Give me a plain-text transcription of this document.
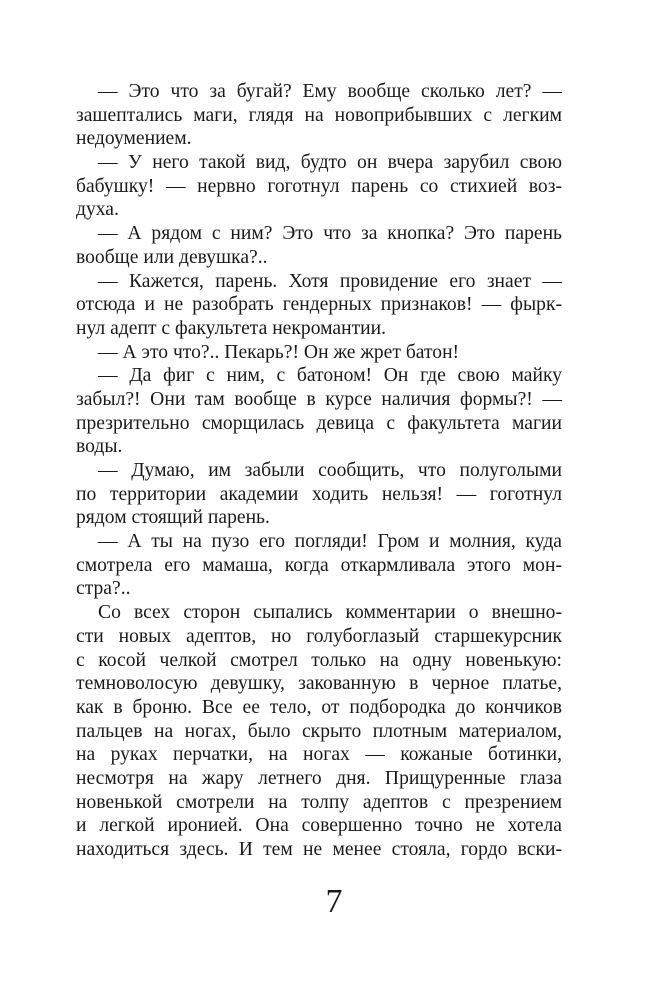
— Это что за бугай? Ему вообще сколько лет? —
зашептались маги, глядя на новоприбывших с легким
недоумением.
— У него такой вид, будто он вчера зарубил свою
бабушку! — нервно гоготнул парень со стихией воз-
духа.
— А рядом с ним? Это что за кнопка? Это парень
вообще или девушка?..
— Кажется, парень. Хотя провидение его знает —
отсюда и не разобрать гендерных признаков! — фырк-
нул адепт с факультета некромантии.
— А это что?.. Пекарь?! Он же жрет батон!
— Да фиг с ним, с батоном! Он где свою майку
забыл?! Они там вообще в курсе наличия формы?! —
презрительно сморщилась девица с факультета магии
воды.
— Думаю, им забыли сообщить, что полуголыми
по территории академии ходить нельзя! — гоготнул
рядом стоящий парень.
— А ты на пузо его погляди! Гром и молния, куда
смотрела его мамаша, когда откармливала этого мон-
стра?..
Со всех сторон сыпались комментарии о внешно-
сти новых адептов, но голубоглазый старшекурсник
с косой челкой смотрел только на одну новенькую:
темноволосую девушку, закованную в черное платье,
как в броню. Все ее тело, от подбородка до кончиков
пальцев на ногах, было скрыто плотным материалом,
на руках перчатки, на ногах — кожаные ботинки,
несмотря на жару летнего дня. Прищуренные глаза
новенькой смотрели на толпу адептов с презрением
и легкой иронией. Она совершенно точно не хотела
находиться здесь. И тем не менее стояла, гордо вски-
7
